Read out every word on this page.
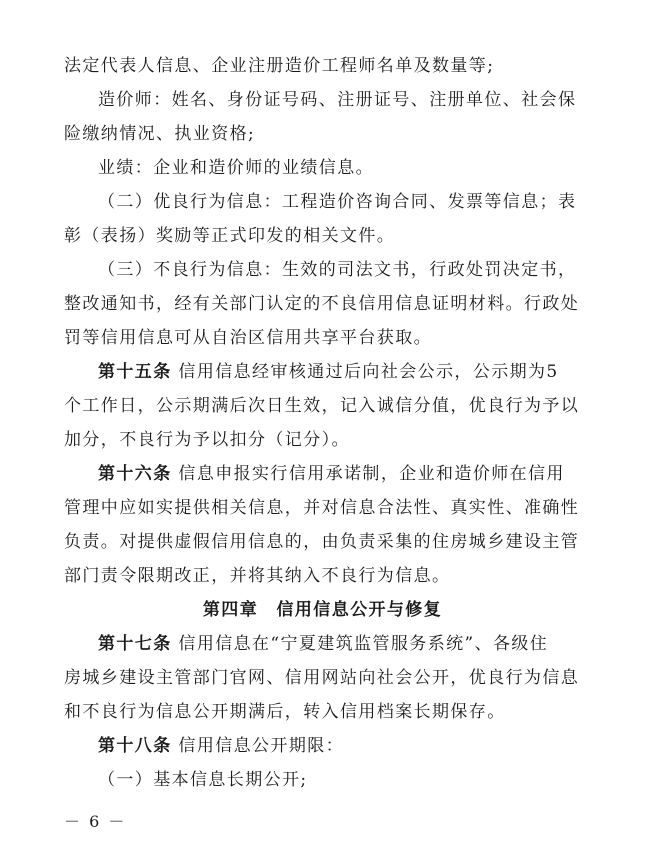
法定代表人信息、企业注册造价工程师名单及数量等;
造价师：姓名、身份证号码、注册证号、注册单位、社会保
险缴纳情况、执业资格;
业绩：企业和造价师的业绩信息。
（二）优良行为信息：工程造价咨询合同、发票等信息；表
彰（表扬）奖励等正式印发的相关文件。
（三）不良行为信息：生效的司法文书，行政处罚决定书，
整改通知书，经有关部门认定的不良信用信息证明材料。行政处
罚等信用信息可从自治区信用共享平台获取。
第十五条 信用信息经审核通过后向社会公示，公示期为5
个工作日，公示期满后次日生效，记入诚信分值，优良行为予以
加分，不良行为予以扣分（记分）。
第十六条 信息申报实行信用承诺制，企业和造价师在信用
管理中应如实提供相关信息，并对信息合法性、真实性、准确性
负责。对提供虚假信用信息的，由负责采集的住房城乡建设主管
部门责令限期改正，并将其纳入不良行为信息。
第四章　信用信息公开与修复
第十七条 信用信息在“宁夏建筑监管服务系统”、各级住
房城乡建设主管部门官网、信用网站向社会公开，优良行为信息
和不良行为信息公开期满后，转入信用档案长期保存。
第十八条 信用信息公开期限：
（一）基本信息长期公开;
－ 6 －
